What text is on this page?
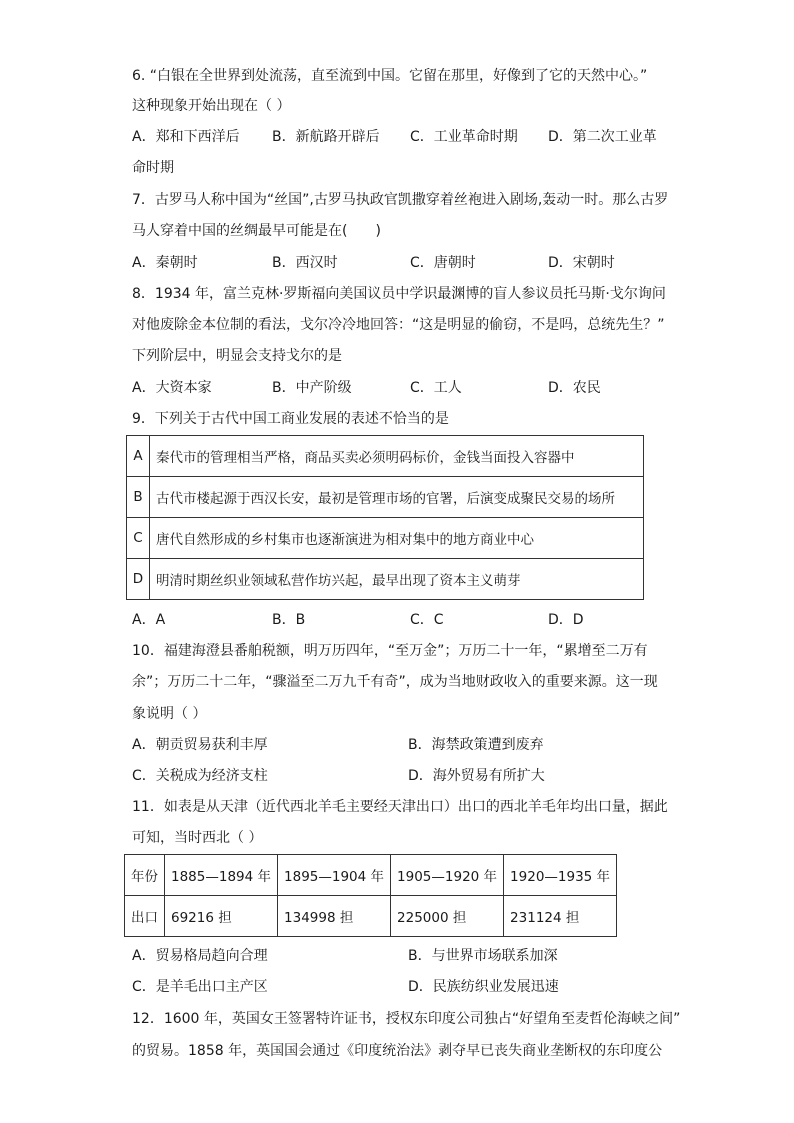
6. “白银在全世界到处流荡，直至流到中国。它留在那里，好像到了它的天然中心。”
这种现象开始出现在（ ）
A．郑和下西洋后 B．新航路开辟后 C．工业革命时期 D．第二次工业革
命时期
7．古罗马人称中国为“丝国”,古罗马执政官凯撒穿着丝袍进入剧场,轰动一时。那么古罗
马人穿着中国的丝绸最早可能是在(　　)
A．秦朝时	B．西汉时	C．唐朝时	D．宋朝时
8．1934 年，富兰克林·罗斯福向美国议员中学识最渊博的盲人参议员托马斯·戈尔询问
对他废除金本位制的看法，戈尔冷冷地回答：“这是明显的偷窃，不是吗，总统先生？”
下列阶层中，明显会支持戈尔的是
A．大资本家	B．中产阶级	C．工人	D．农民
9．下列关于古代中国工商业发展的表述不恰当的是
A	秦代市的管理相当严格，商品买卖必须明码标价，金钱当面投入容器中
B	古代市楼起源于西汉长安，最初是管理市场的官署，后演变成聚民交易的场所
C	唐代自然形成的乡村集市也逐渐演进为相对集中的地方商业中心
D	明清时期丝织业领域私营作坊兴起，最早出现了资本主义萌芽
A．A	B．B	C．C	D．D
10．福建海澄县番舶税额，明万历四年，“至万金”；万历二十一年，“累增至二万有
余”；万历二十二年，“骤溢至二万九千有奇”，成为当地财政收入的重要来源。这一现
象说明（ ）
A．朝贡贸易获利丰厚	B．海禁政策遭到废弃
C．关税成为经济支柱	D．海外贸易有所扩大
11．如表是从天津（近代西北羊毛主要经天津出口）出口的西北羊毛年均出口量，据此
可知，当时西北（ ）
年份	1885—1894 年	1895—1904 年	1905—1920 年	1920—1935 年
出口	69216 担	134998 担	225000 担	231124 担
A．贸易格局趋向合理	B．与世界市场联系加深
C．是羊毛出口主产区	D．民族纺织业发展迅速
12．1600 年，英国女王签署特许证书，授权东印度公司独占“好望角至麦哲伦海峡之间”
的贸易。1858 年，英国国会通过《印度统治法》剥夺早已丧失商业垄断权的东印度公
